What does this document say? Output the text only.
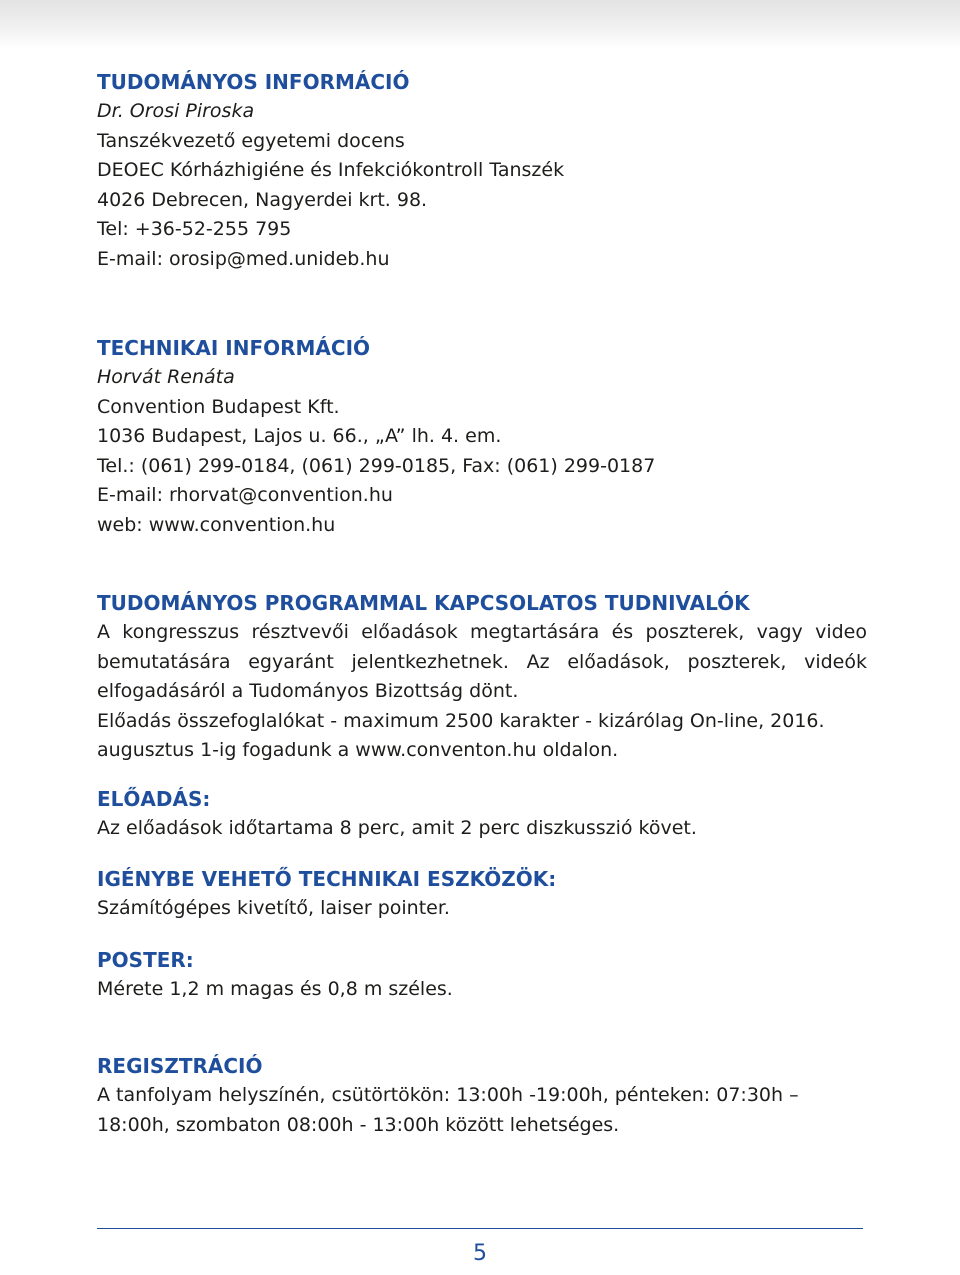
TUDOMÁNYOS INFORMÁCIÓ

Dr. Orosi Piroska

Tanszékvezető egyetemi docens

DEOEC Kórházhigiéne és Infekciókontroll Tanszék

4026 Debrecen, Nagyerdei krt. 98.

Tel: +36-52-255 795

E-mail: orosip@med.unideb.hu

TECHNIKAI INFORMÁCIÓ

Horvát Renáta

Convention Budapest Kft.

1036 Budapest, Lajos u. 66., „A” lh. 4. em.

Tel.: (061) 299-0184, (061) 299-0185, Fax: (061) 299-0187

E-mail: rhorvat@convention.hu

web: www.convention.hu

TUDOMÁNYOS PROGRAMMAL KAPCSOLATOS TUDNIVALÓK

A kongresszus résztvevői előadások megtartására és poszterek, vagy video bemutatására egyaránt jelentkezhetnek. Az előadások, poszterek, videók elfogadásáról a Tudományos Bizottság dönt.

Előadás összefoglalókat - maximum 2500 karakter - kizárólag On-line, 2016. augusztus 1-ig fogadunk a www.conventon.hu oldalon.

ELŐADÁS:

Az előadások időtartama 8 perc, amit 2 perc diszkusszió követ.

IGÉNYBE VEHETŐ TECHNIKAI ESZKÖZÖK:

Számítógépes kivetítő, laiser pointer.

POSTER:

Mérete 1,2 m magas és 0,8 m széles.

REGISZTRÁCIÓ

A tanfolyam helyszínén, csütörtökön: 13:00h -19:00h, pénteken: 07:30h – 18:00h, szombaton 08:00h - 13:00h között lehetséges.

5
